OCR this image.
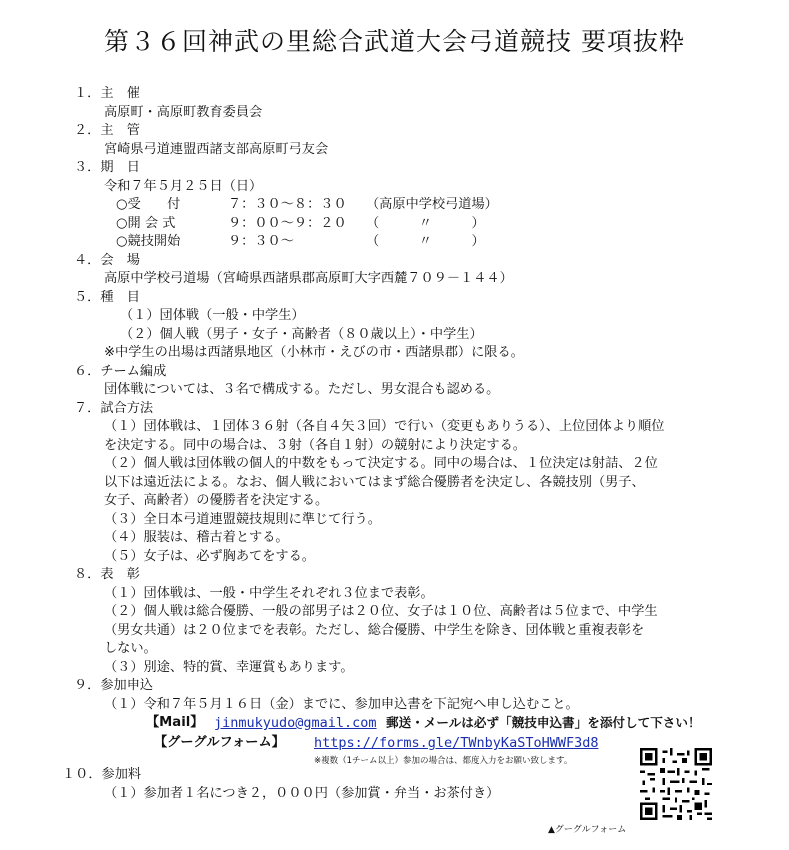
第３６回神武の里総合武道大会弓道競技 要項抜粋
１．主　催
高原町・高原町教育委員会
２．主　管
宮崎県弓道連盟西諸支部高原町弓友会
３．期　日
令和７年５月２５日（日）
○受　　付	７：３０～８：３０	（高原中学校弓道場）
○開 会 式	９：００～９：２０	（　　　〃　　　）
○競技開始	９：３０～	（　　　〃　　　）
４．会　場
高原中学校弓道場（宮崎県西諸県郡高原町大字西麓７０９－１４４）
５．種　目
（１）団体戦（一般・中学生）
（２）個人戦（男子・女子・高齢者（８０歳以上）・中学生）
※中学生の出場は西諸県地区（小林市・えびの市・西諸県郡）に限る。
６．チーム編成
団体戦については、３名で構成する。ただし、男女混合も認める。
７．試合方法
（１）団体戦は、１団体３６射（各自４矢３回）で行い（変更もありうる）、上位団体より順位
を決定する。同中の場合は、３射（各自１射）の競射により決定する。
（２）個人戦は団体戦の個人的中数をもって決定する。同中の場合は、１位決定は射詰、２位
以下は遠近法による。なお、個人戦においてはまず総合優勝者を決定し、各競技別（男子、
女子、高齢者）の優勝者を決定する。
（３）全日本弓道連盟競技規則に準じて行う。
（４）服装は、稽古着とする。
（５）女子は、必ず胸あてをする。
８．表　彰
（１）団体戦は、一般・中学生それぞれ３位まで表彰。
（２）個人戦は総合優勝、一般の部男子は２０位、女子は１０位、高齢者は５位まで、中学生
（男女共通）は２０位までを表彰。ただし、総合優勝、中学生を除き、団体戦と重複表彰を
しない。
（３）別途、特的賞、幸運賞もあります。
９．参加申込
（１）令和７年５月１６日（金）までに、参加申込書を下記宛へ申し込むこと。
【Mail】 jinmukyudo@gmail.com 郵送・メールは必ず「競技申込書」を添付して下さい！
【グーグルフォーム】 https://forms.gle/TWnbyKaSToHWWF3d8
※複数（1チーム以上）参加の場合は、都度入力をお願い致します。
１０．参加料
（１）参加者１名につき２，０００円（参加賞・弁当・お茶付き）
▲グーグルフォーム
